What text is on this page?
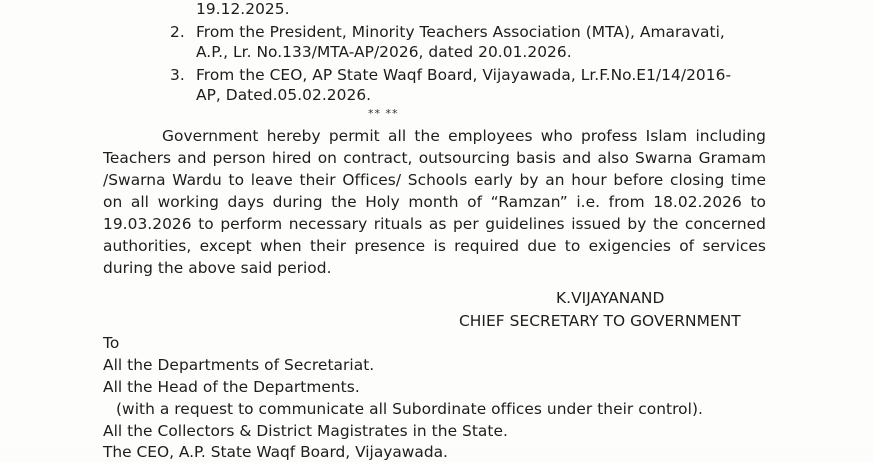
19.12.2025.
2. From the President, Minority Teachers Association (MTA), Amaravati,
A.P., Lr. No.133/MTA-AP/2026, dated 20.01.2026.
3. From the CEO, AP State Waqf Board, Vijayawada, Lr.F.No.E1/14/2016-
AP, Dated.05.02.2026.
** **
Government hereby permit all the employees who profess Islam including
Teachers and person hired on contract, outsourcing basis and also Swarna Gramam
/Swarna Wardu to leave their Offices/ Schools early by an hour before closing time
on all working days during the Holy month of “Ramzan” i.e. from 18.02.2026 to
19.03.2026 to perform necessary rituals as per guidelines issued by the concerned
authorities, except when their presence is required due to exigencies of services
during the above said period.
K.VIJAYANAND
CHIEF SECRETARY TO GOVERNMENT
To
All the Departments of Secretariat.
All the Head of the Departments.
(with a request to communicate all Subordinate offices under their control).
All the Collectors & District Magistrates in the State.
The CEO, A.P. State Waqf Board, Vijayawada.
